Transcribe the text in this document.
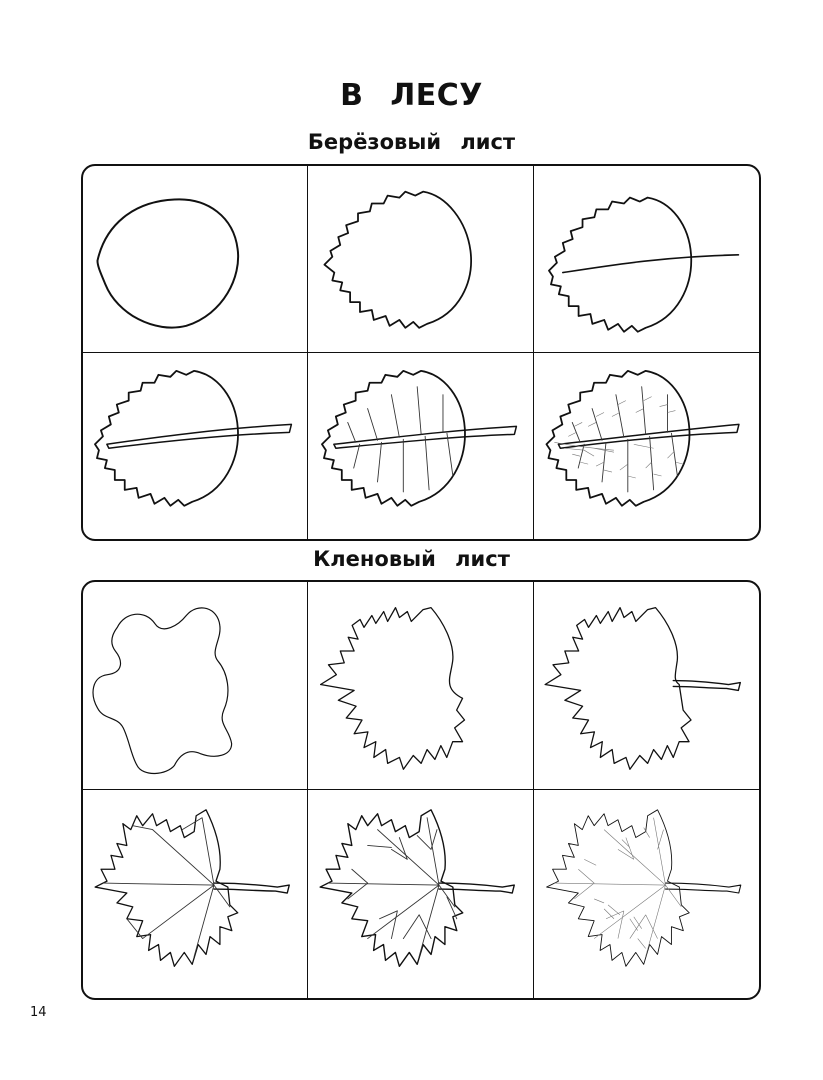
В ЛЕСУ
Берёзовый лист
Кленовый лист
14
